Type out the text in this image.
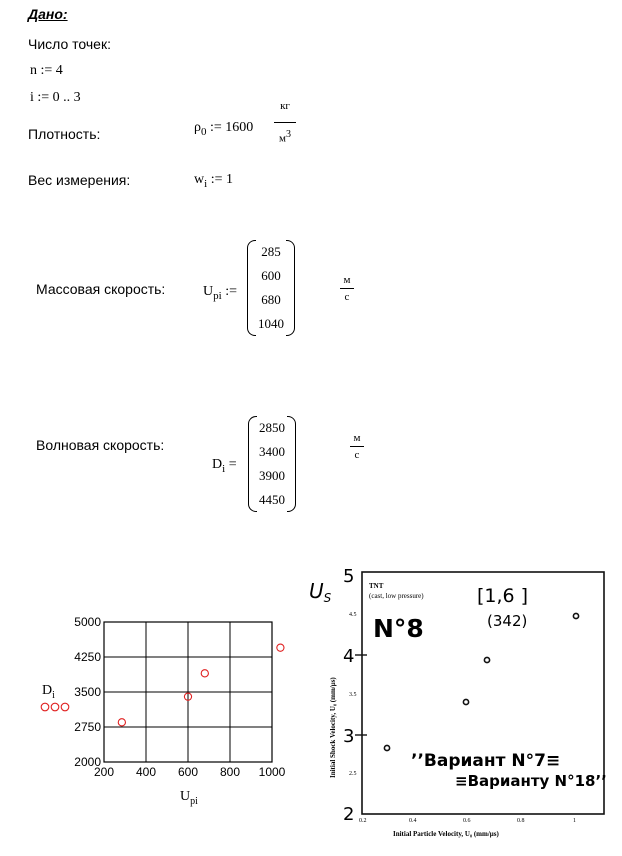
Дано:
Число точек:
n := 4
i := 0 .. 3
Плотность:	$\rho_0$ := 1600
кг
$м^3$
Вес измерения:	$w_i$ := 1
Массовая скорость:	$U_{pi}$ :=
285
600
680
1040
м
с
Волновая скорость:
$D_i$ =
2850
3400
3900
4450
м
с
5000
4250
3500
2750
2000
200 400 600 800 1000
$D_i$
$U_{pi}$
$U_S$
5
4
3
2
4.5
3.5
2.5
0.2	0.4	0.6	0.8	1
TNT
(cast, low pressure)
N°8
[1,6 ]
(342)
’’Вариант N°7≡
≡Варианту N°18’’
Initial Shock Velocity, U₀ (mm/μs)
Initial Particle Velocity, U₀ (mm/μs)
